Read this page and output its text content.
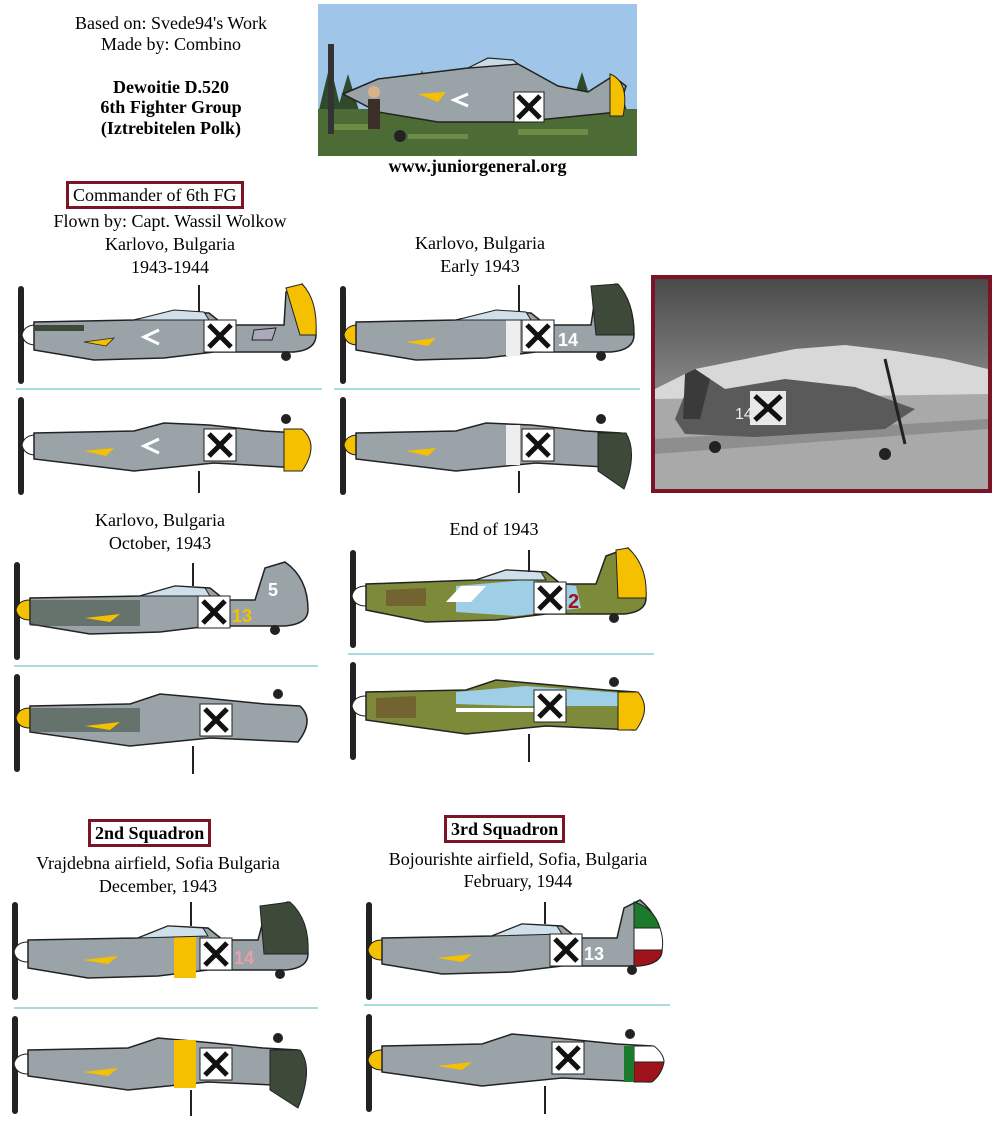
Based on: Svede94's Work
Made by: Combino
Dewoitie D.520
6th Fighter Group
(Iztrebitelen Polk)
www.juniorgeneral.org
Commander of 6th FG
Flown by: Capt. Wassil Wolkow
Karlovo, Bulgaria
1943-1944
Karlovo, Bulgaria
Early 1943
14
14
Karlovo, Bulgaria
October, 1943
5
13
End of 1943
2
2nd Squadron
Vrajdebna airfield, Sofia Bulgaria
December, 1943
14
3rd Squadron
Bojourishte airfield, Sofia, Bulgaria
February, 1944
13
